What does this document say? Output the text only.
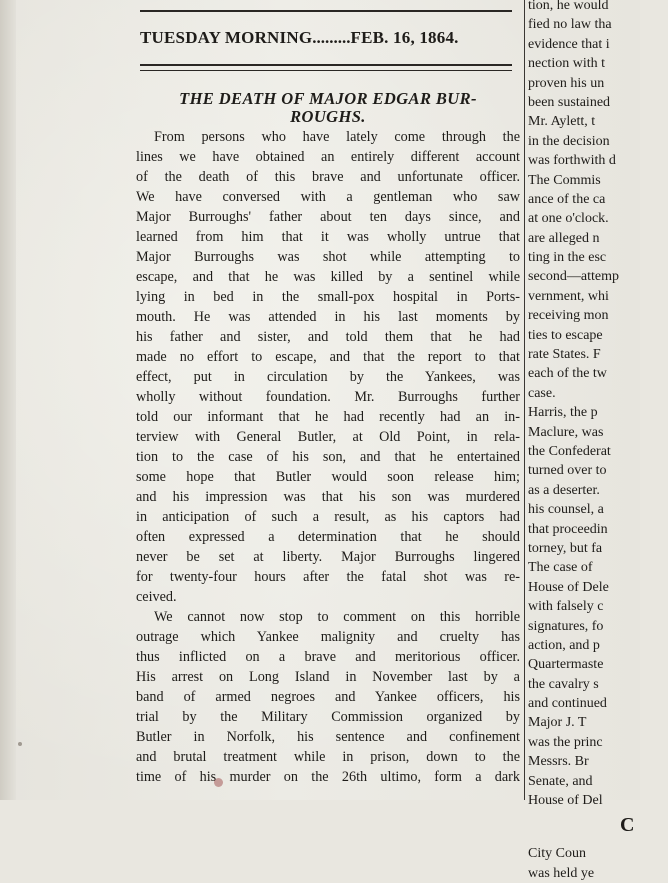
TUESDAY MORNING.........FEB. 16, 1864.
THE DEATH OF MAJOR EDGAR BUR-
ROUGHS.
From persons who have lately come through the
lines we have obtained an entirely different account
of the death of this brave and unfortunate officer.
We have conversed with a gentleman who saw
Major Burroughs' father about ten days since, and
learned from him that it was wholly untrue that
Major Burroughs was shot while attempting to
escape, and that he was killed by a sentinel while
lying in bed in the small-pox hospital in Ports-
mouth. He was attended in his last moments by
his father and sister, and told them that he had
made no effort to escape, and that the report to that
effect, put in circulation by the Yankees, was
wholly without foundation. Mr. Burroughs further
told our informant that he had recently had an in-
terview with General Butler, at Old Point, in rela-
tion to the case of his son, and that he entertained
some hope that Butler would soon release him;
and his impression was that his son was murdered
in anticipation of such a result, as his captors had
often expressed a determination that he should
never be set at liberty. Major Burroughs lingered
for twenty-four hours after the fatal shot was re-
ceived.
We cannot now stop to comment on this horrible
outrage which Yankee malignity and cruelty has
thus inflicted on a brave and meritorious officer.
His arrest on Long Island in November last by a
band of armed negroes and Yankee officers, his
trial by the Military Commission organized by
Butler in Norfolk, his sentence and confinement
and brutal treatment while in prison, down to the
time of his murder on the 26th ultimo, form a dark
tion, he would
fied no law tha
evidence that i
nection with t
proven his un
been sustained
Mr. Aylett, t
in the decision
was forthwith d
The Commis
ance of the ca
at one o'clock.
are alleged n
ting in the esc
second—attemp
vernment, whi
receiving mon
ties to escape
rate States. F
each of the tw
case.
Harris, the p
Maclure, was
the Confederat
turned over to
as a deserter.
his counsel, a
that proceedin
torney, but fa
The case of
House of Dele
with falsely c
signatures, fo
action, and p
Quartermaste
the cavalry s
and continued
Major J. T
was the princ
Messrs. Br
Senate, and
House of Del
C
City Coun
was held ye
